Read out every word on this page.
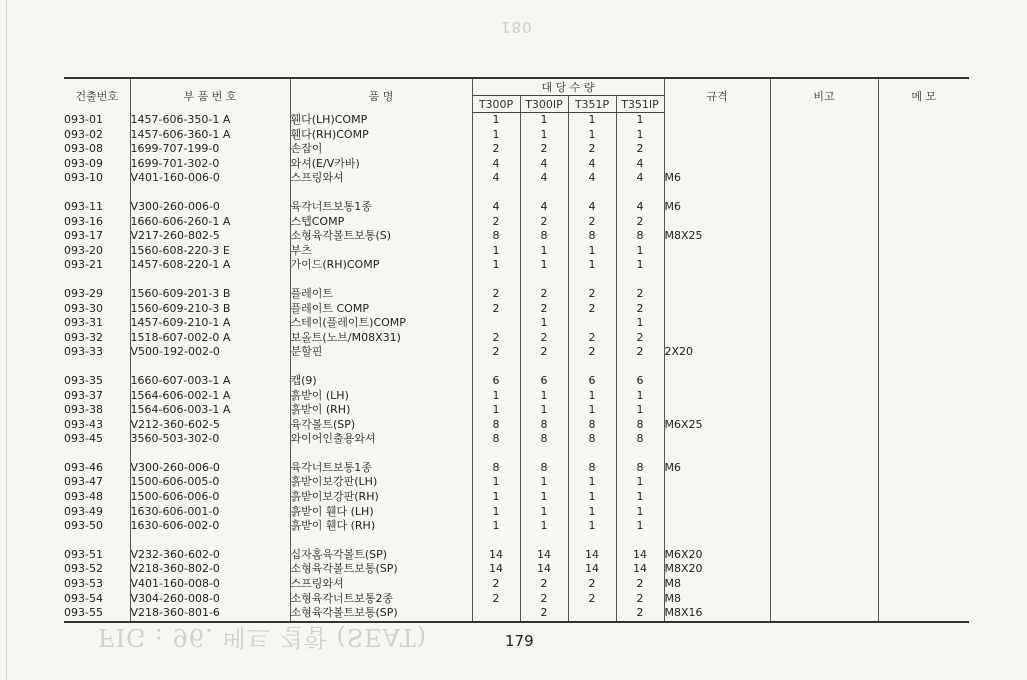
081
FIG : 96. 베트 결합 (SEAT)
건출번호	부 품 번 호	품 명	대 당 수 량				규격	비고	메 모
			T300P	T300IP	T351P	T351IP			
093-01	1457-606-350-1 A	휀다(LH)COMP	1	1	1	1			
093-02	1457-606-360-1 A	휀다(RH)COMP	1	1	1	1			
093-08	1699-707-199-0	손잡이	2	2	2	2			
093-09	1699-701-302-0	와셔(E/V카바)	4	4	4	4			
093-10	V401-160-006-0	스프링와셔	4	4	4	4	M6		

093-11	V300-260-006-0	육각너트보통1종	4	4	4	4	M6		
093-16	1660-606-260-1 A	스텝COMP	2	2	2	2			
093-17	V217-260-802-5	소형육각볼트보통(S)	8	8	8	8	M8X25		
093-20	1560-608-220-3 E	부츠	1	1	1	1			
093-21	1457-608-220-1 A	가이드(RH)COMP	1	1	1	1			

093-29	1560-609-201-3 B	플레이트	2	2	2	2			
093-30	1560-609-210-3 B	플레이트 COMP	2	2	2	2			
093-31	1457-609-210-1 A	스테이(플레이트)COMP		1		1			
093-32	1518-607-002-0 A	보올트(노브/M08X31)	2	2	2	2			
093-33	V500-192-002-0	분할핀	2	2	2	2	2X20		

093-35	1660-607-003-1 A	캡(9)	6	6	6	6			
093-37	1564-606-002-1 A	흙받이 (LH)	1	1	1	1			
093-38	1564-606-003-1 A	흙받이 (RH)	1	1	1	1			
093-43	V212-360-602-5	육각볼트(SP)	8	8	8	8	M6X25		
093-45	3560-503-302-0	와이어인출용와셔	8	8	8	8			

093-46	V300-260-006-0	육각너트보통1종	8	8	8	8	M6		
093-47	1500-606-005-0	흙받이보강판(LH)	1	1	1	1			
093-48	1500-606-006-0	흙받이보강판(RH)	1	1	1	1			
093-49	1630-606-001-0	흙받이 휀다 (LH)	1	1	1	1			
093-50	1630-606-002-0	흙받이 휀다 (RH)	1	1	1	1			

093-51	V232-360-602-0	십자홈육각볼트(SP)	14	14	14	14	M6X20		
093-52	V218-360-802-0	소형육각볼트보통(SP)	14	14	14	14	M8X20		
093-53	V401-160-008-0	스프링와셔	2	2	2	2	M8		
093-54	V304-260-008-0	소형육각너트보통2종	2	2	2	2	M8		
093-55	V218-360-801-6	소형육각볼트보통(SP)		2		2	M8X16		
179
